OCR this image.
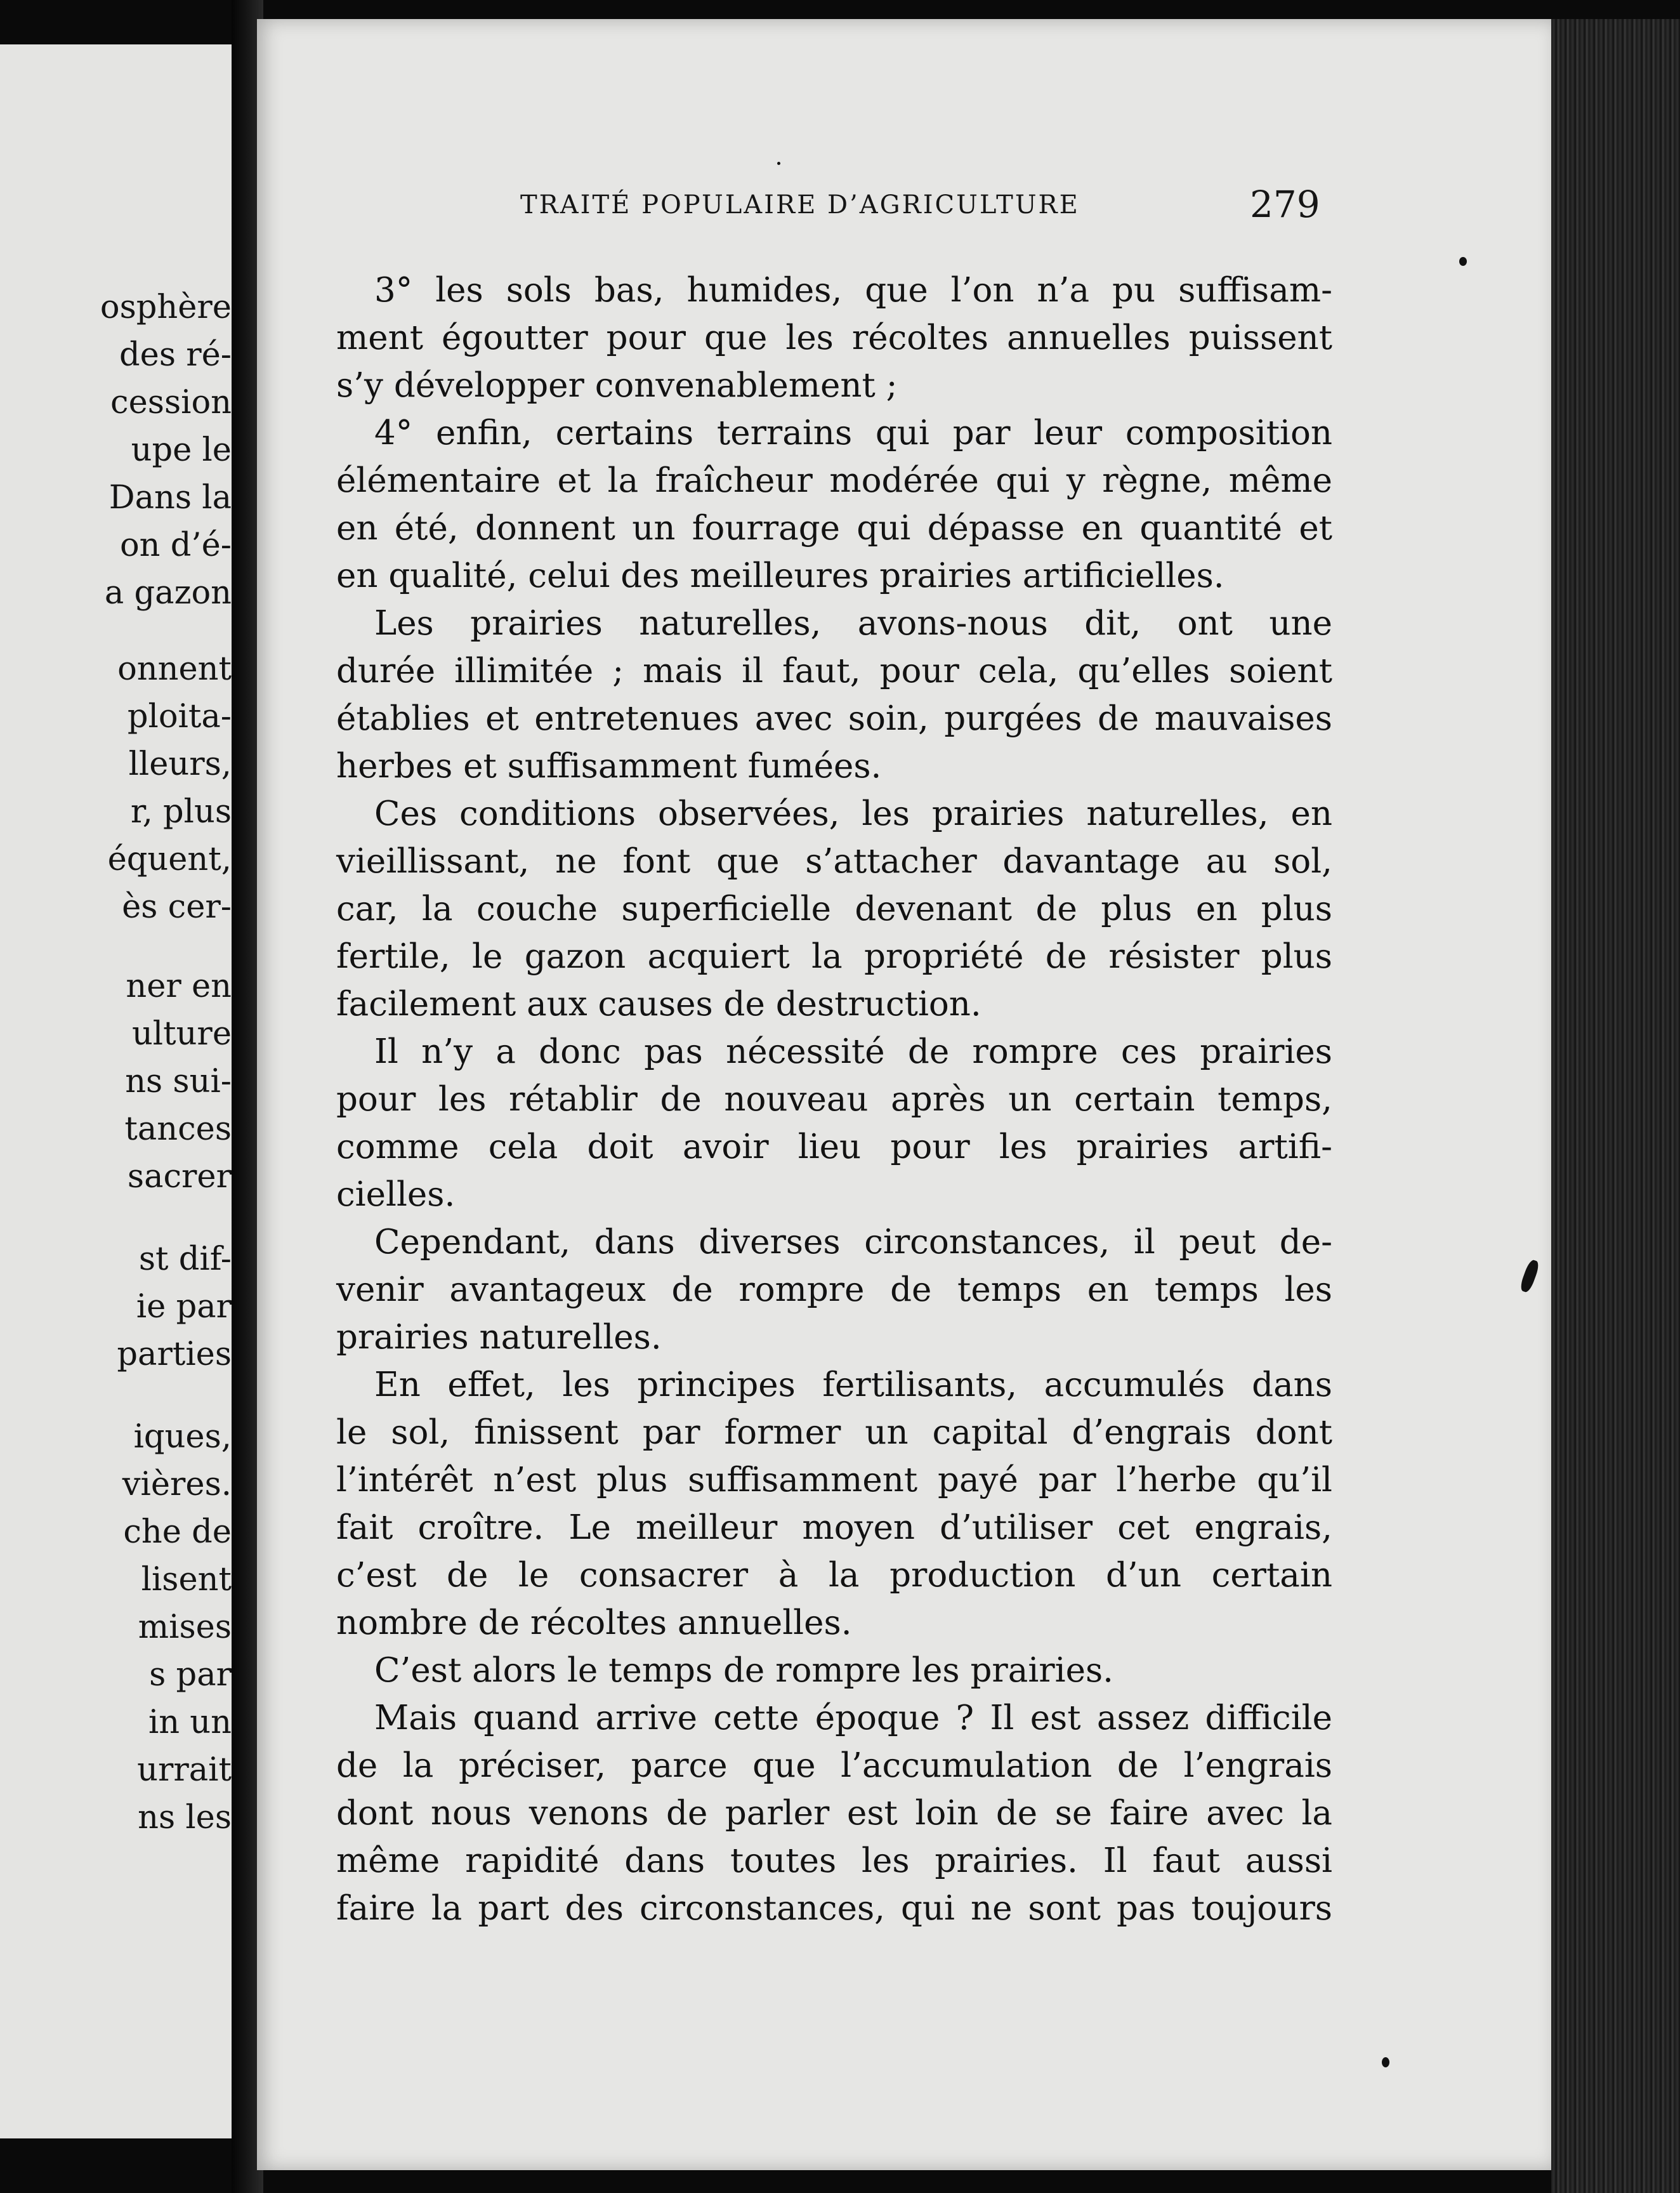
osphère
des ré-
cession
upe le
Dans la
on d’é-
a gazon
onnent
ploita-
lleurs,
r, plus
équent,
ès cer-
ner en
ulture
ns sui-
tances
sacrer
st dif-
ie par
parties
iques,
vières.
che de
lisent
mises
s par
in un
urrait
ns les
TRAITÉ POPULAIRE D’AGRICULTURE	279
3° les sols bas, humides, que l’on n’a pu suffisam-
ment égoutter pour que les récoltes annuelles puissent
s’y développer convenablement ;
4° enfin, certains terrains qui par leur composition
élémentaire et la fraîcheur modérée qui y règne, même
en été, donnent un fourrage qui dépasse en quantité et
en qualité, celui des meilleures prairies artificielles.
Les prairies naturelles, avons-nous dit, ont une
durée illimitée ; mais il faut, pour cela, qu’elles soient
établies et entretenues avec soin, purgées de mauvaises
herbes et suffisamment fumées.
Ces conditions observées, les prairies naturelles, en
vieillissant, ne font que s’attacher davantage au sol,
car, la couche superficielle devenant de plus en plus
fertile, le gazon acquiert la propriété de résister plus
facilement aux causes de destruction.
Il n’y a donc pas nécessité de rompre ces prairies
pour les rétablir de nouveau après un certain temps,
comme cela doit avoir lieu pour les prairies artifi-
cielles.
Cependant, dans diverses circonstances, il peut de-
venir avantageux de rompre de temps en temps les
prairies naturelles.
En effet, les principes fertilisants, accumulés dans
le sol, finissent par former un capital d’engrais dont
l’intérêt n’est plus suffisamment payé par l’herbe qu’il
fait croître. Le meilleur moyen d’utiliser cet engrais,
c’est de le consacrer à la production d’un certain
nombre de récoltes annuelles.
C’est alors le temps de rompre les prairies.
Mais quand arrive cette époque ? Il est assez difficile
de la préciser, parce que l’accumulation de l’engrais
dont nous venons de parler est loin de se faire avec la
même rapidité dans toutes les prairies. Il faut aussi
faire la part des circonstances, qui ne sont pas toujours
